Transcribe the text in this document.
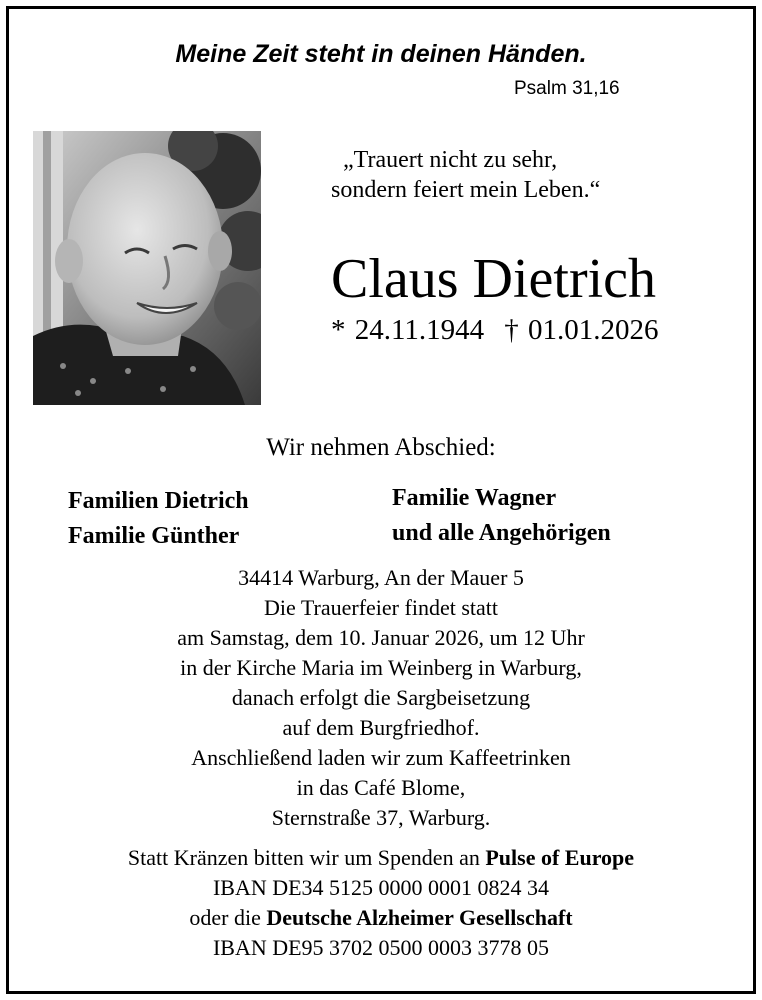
Meine Zeit steht in deinen Händen.
Psalm 31,16
„Trauert nicht zu sehr,
sondern feiert mein Leben.“
Claus Dietrich
* 24.11.1944 † 01.01.2026
Wir nehmen Abschied:
Familien Dietrich
Familie Günther
Familie Wagner
und alle Angehörigen
34414 Warburg, An der Mauer 5
Die Trauerfeier findet statt
am Samstag, dem 10. Januar 2026, um 12 Uhr
in der Kirche Maria im Weinberg in Warburg,
danach erfolgt die Sargbeisetzung
auf dem Burgfriedhof.
Anschließend laden wir zum Kaffeetrinken
in das Café Blome,
Sternstraße 37, Warburg.
Statt Kränzen bitten wir um Spenden an Pulse of Europe
IBAN DE34 5125 0000 0001 0824 34
oder die Deutsche Alzheimer Gesellschaft
IBAN DE95 3702 0500 0003 3778 05
